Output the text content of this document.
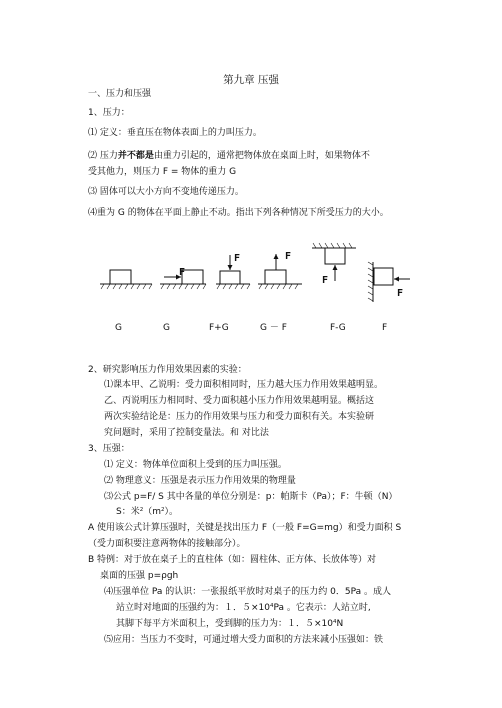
第九章 压强
一、压力和压强
1、压力：
⑴ 定义：垂直压在物体表面上的力叫压力。
⑵ 压力并不都是由重力引起的，通常把物体放在桌面上时，如果物体不
受其他力，则压力 F = 物体的重力 G
⑶ 固体可以大小方向不变地传递压力。
⑷重为 G 的物体在平面上静止不动。指出下列各种情况下所受压力的大小。
F
F	F
F
F
G	G	F+G	G － F	F-G	F
2、研究影响压力作用效果因素的实验：
⑴课本甲、乙说明：受力面积相同时，压力越大压力作用效果越明显。
乙、丙说明压力相同时、受力面积越小压力作用效果越明显。概括这
两次实验结论是：压力的作用效果与压力和受力面积有关。本实验研
究问题时，采用了控制变量法。和 对比法
3、压强：
⑴ 定义：物体单位面积上受到的压力叫压强。
⑵ 物理意义：压强是表示压力作用效果的物理量
⑶公式 p=F/ S 其中各量的单位分别是：p：帕斯卡（Pa）；F：牛顿（N）
S：米$^2(m^2)$。
A 使用该公式计算压强时，关键是找出压力 F（一般 F=G=mg）和受力面积 S
（受力面积要注意两物体的接触部分）。
B 特例：对于放在桌子上的直柱体（如：圆柱体、正方体、长放体等）对
桌面的压强 p=ρgh
⑷压强单位 Pa 的认识：一张报纸平放时对桌子的压力约 0．5Pa 。成人
站立时对地面的压强约为：１．$5\times 10^4Pa$ 。它表示：人站立时,
其脚下每平方米面积上，受到脚的压力为：１．$5\times 10^4N$
⑸应用：当压力不变时，可通过增大受力面积的方法来减小压强如：铁
